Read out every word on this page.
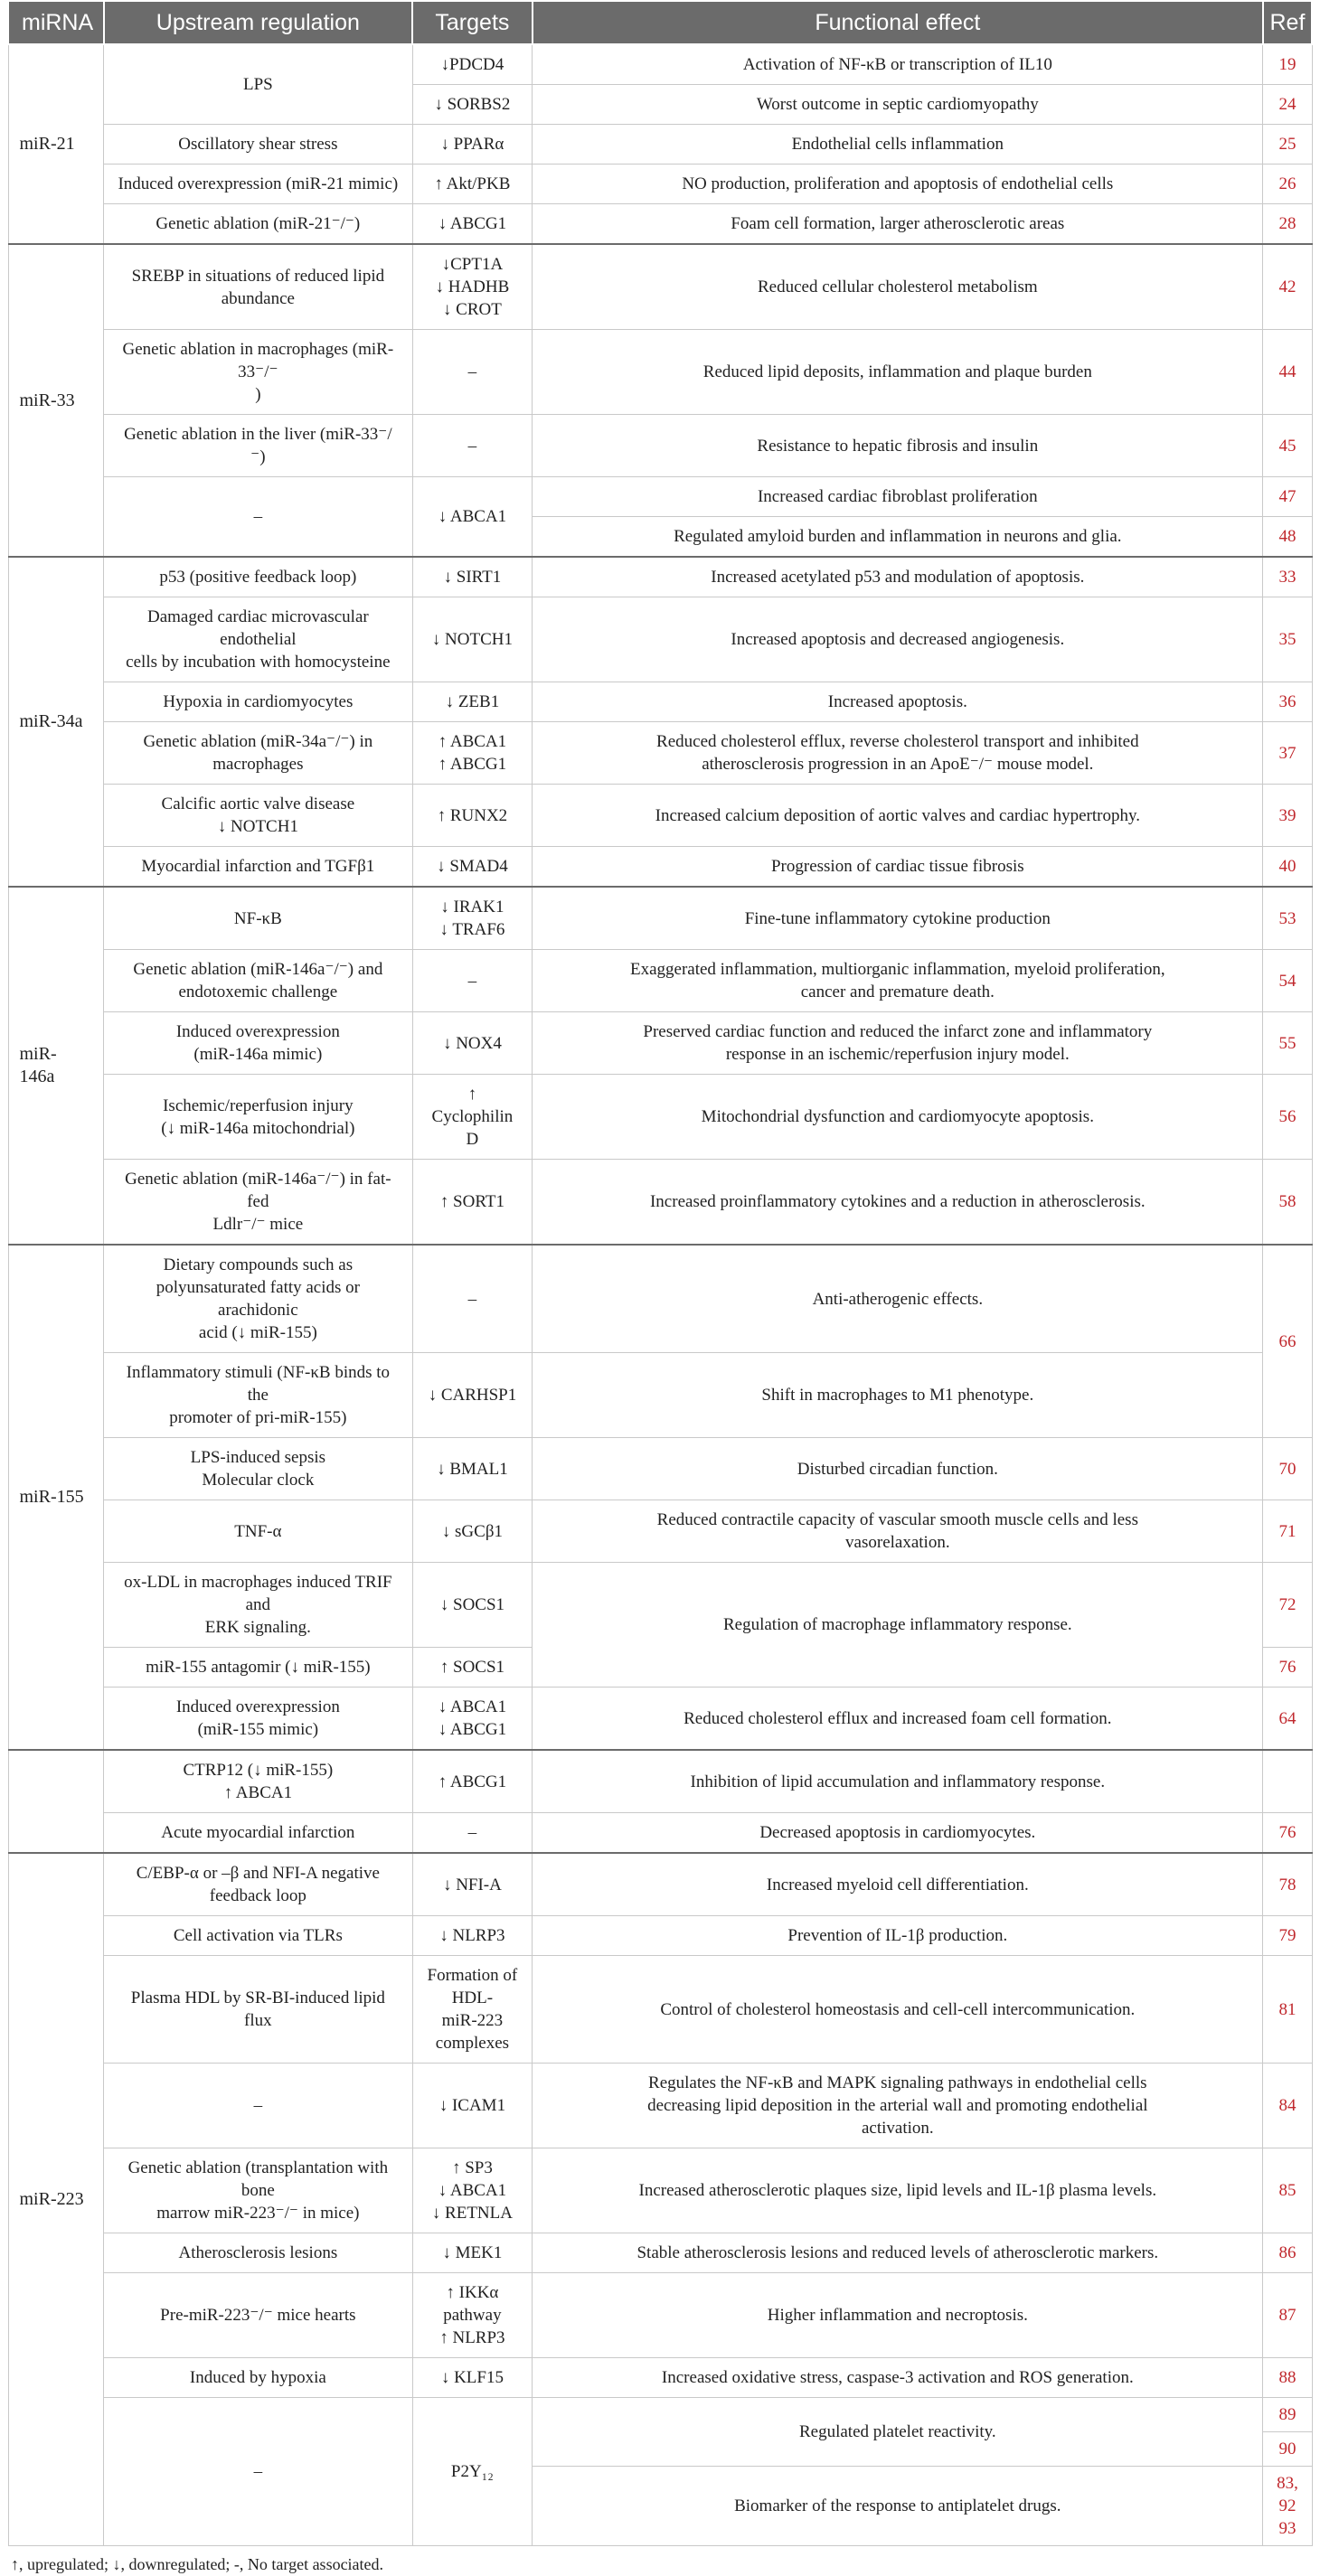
miRNA	Upstream regulation	Targets	Functional effect	Ref
miR-21	LPS	↓PDCD4	Activation of NF-κB or transcription of IL10	19

		↓ SORBS2	Worst outcome in septic cardiomyopathy	24

	Oscillatory shear stress	↓ PPARα	Endothelial cells inflammation	25

	Induced overexpression (miR-21 mimic)	↑ Akt/PKB	NO production, proliferation and apoptosis of endothelial cells	26

	Genetic ablation (miR-21⁻/⁻)	↓ ABCG1	Foam cell formation, larger atherosclerotic areas	28

miR-33	SREBP in situations of reduced lipid
abundance	↓CPT1A
↓ HADHB
↓ CROT	Reduced cellular cholesterol metabolism	42

	Genetic ablation in macrophages (miR-33⁻/⁻
)	–	Reduced lipid deposits, inflammation and plaque burden	44

	Genetic ablation in the liver (miR-33⁻/⁻)	–	Resistance to hepatic fibrosis and insulin	45

	–	↓ ABCA1	Increased cardiac fibroblast proliferation	47

			Regulated amyloid burden and inflammation in neurons and glia.	48

miR-34a	p53 (positive feedback loop)	↓ SIRT1	Increased acetylated p53 and modulation of apoptosis.	33

	Damaged cardiac microvascular endothelial
cells by incubation with homocysteine	↓ NOTCH1	Increased apoptosis and decreased angiogenesis.	35

	Hypoxia in cardiomyocytes	↓ ZEB1	Increased apoptosis.	36

	Genetic ablation (miR-34a⁻/⁻) in
macrophages	↑ ABCA1
↑ ABCG1	Reduced cholesterol efflux, reverse cholesterol transport and inhibited
atherosclerosis progression in an ApoE⁻/⁻ mouse model.	37

	Calcific aortic valve disease
↓ NOTCH1	↑ RUNX2	Increased calcium deposition of aortic valves and cardiac hypertrophy.	39

	Myocardial infarction and TGFβ1	↓ SMAD4	Progression of cardiac tissue fibrosis	40

miR-146a	NF-κB	↓ IRAK1
↓ TRAF6	Fine-tune inflammatory cytokine production	53

	Genetic ablation (miR-146a⁻/⁻) and
endotoxemic challenge	–	Exaggerated inflammation, multiorganic inflammation, myeloid proliferation,
cancer and premature death.	54

	Induced overexpression
(miR-146a mimic)	↓ NOX4	Preserved cardiac function and reduced the infarct zone and inflammatory
response in an ischemic/reperfusion injury model.	55

	Ischemic/reperfusion injury
(↓ miR-146a mitochondrial)	↑ Cyclophilin D	Mitochondrial dysfunction and cardiomyocyte apoptosis.	56

	Genetic ablation (miR-146a⁻/⁻) in fat-fed
Ldlr⁻/⁻ mice	↑ SORT1	Increased proinflammatory cytokines and a reduction in atherosclerosis.	58

miR-155	Dietary compounds such as
polyunsaturated fatty acids or arachidonic
acid (↓ miR-155)	–	Anti-atherogenic effects.	66

	Inflammatory stimuli (NF-κB binds to the
promoter of pri-miR-155)	↓ CARHSP1	Shift in macrophages to M1 phenotype.	

	LPS-induced sepsis
Molecular clock	↓ BMAL1	Disturbed circadian function.	70

	TNF-α	↓ sGCβ1	Reduced contractile capacity of vascular smooth muscle cells and less
vasorelaxation.	71

	ox-LDL in macrophages induced TRIF and
ERK signaling.	↓ SOCS1	Regulation of macrophage inflammatory response.	72

	miR-155 antagomir (↓ miR-155)	↑ SOCS1		76

	Induced overexpression
(miR-155 mimic)	↓ ABCA1
↓ ABCG1	Reduced cholesterol efflux and increased foam cell formation.	64

	CTRP12 (↓ miR-155)
↑ ABCA1	↑ ABCG1	Inhibition of lipid accumulation and inflammatory response.	

	Acute myocardial infarction	–	Decreased apoptosis in cardiomyocytes.	76

miR-223	C/EBP-α or –β and NFI-A negative
feedback loop	↓ NFI-A	Increased myeloid cell differentiation.	78

	Cell activation via TLRs	↓ NLRP3	Prevention of IL-1β production.	79

	Plasma HDL by SR-BI-induced lipid flux	Formation of HDL-
miR-223 complexes	Control of cholesterol homeostasis and cell-cell intercommunication.	81

	–	↓ ICAM1	Regulates the NF-κB and MAPK signaling pathways in endothelial cells
decreasing lipid deposition in the arterial wall and promoting endothelial
activation.	84

	Genetic ablation (transplantation with bone
marrow miR-223⁻/⁻ in mice)	↑ SP3
↓ ABCA1
↓ RETNLA	Increased atherosclerotic plaques size, lipid levels and IL-1β plasma levels.	85

	Atherosclerosis lesions	↓ MEK1	Stable atherosclerosis lesions and reduced levels of atherosclerotic markers.	86

	Pre-miR-223⁻/⁻ mice hearts	↑ IKKα pathway
↑ NLRP3	Higher inflammation and necroptosis.	87

	Induced by hypoxia	↓ KLF15	Increased oxidative stress, caspase-3 activation and ROS generation.	88

	–	P2Y₁₂	Regulated platelet reactivity.	89

				90

			Biomarker of the response to antiplatelet drugs.	83,
92
93
↑, upregulated; ↓, downregulated; -, No target associated.
